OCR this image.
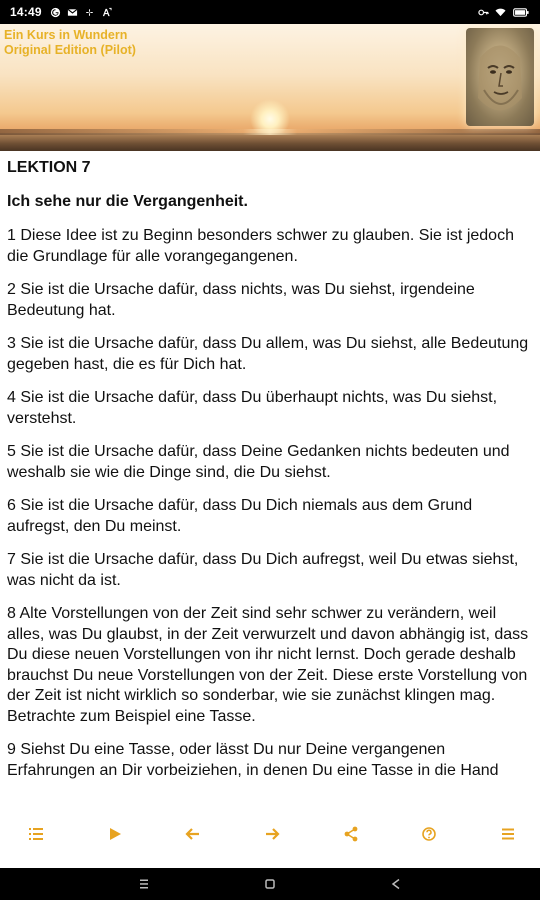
14:49
Ein Kurs in Wundern
Original Edition (Pilot)
LEKTION 7
Ich sehe nur die Vergangenheit.

1 Diese Idee ist zu Beginn besonders schwer zu glauben. Sie ist jedoch die Grundlage für alle vorangegangenen.

2 Sie ist die Ursache dafür, dass nichts, was Du siehst, irgendeine Bedeutung hat.

3 Sie ist die Ursache dafür, dass Du allem, was Du siehst, alle Bedeutung gegeben hast, die es für Dich hat.

4 Sie ist die Ursache dafür, dass Du überhaupt nichts, was Du siehst, verstehst.

5 Sie ist die Ursache dafür, dass Deine Gedanken nichts bedeuten und weshalb sie wie die Dinge sind, die Du siehst.

6 Sie ist die Ursache dafür, dass Du Dich niemals aus dem Grund aufregst, den Du meinst.

7 Sie ist die Ursache dafür, dass Du Dich aufregst, weil Du etwas siehst, was nicht da ist.

8 Alte Vorstellungen von der Zeit sind sehr schwer zu verändern, weil alles, was Du glaubst, in der Zeit verwurzelt und davon abhängig ist, dass Du diese neuen Vorstellungen von ihr nicht lernst. Doch gerade deshalb brauchst Du neue Vorstellungen von der Zeit. Diese erste Vorstellung von der Zeit ist nicht wirklich so sonderbar, wie sie zunächst klingen mag. Betrachte zum Beispiel eine Tasse.

9 Siehst Du eine Tasse, oder lässt Du nur Deine vergangenen Erfahrungen an Dir vorbeiziehen, in denen Du eine Tasse in die Hand
